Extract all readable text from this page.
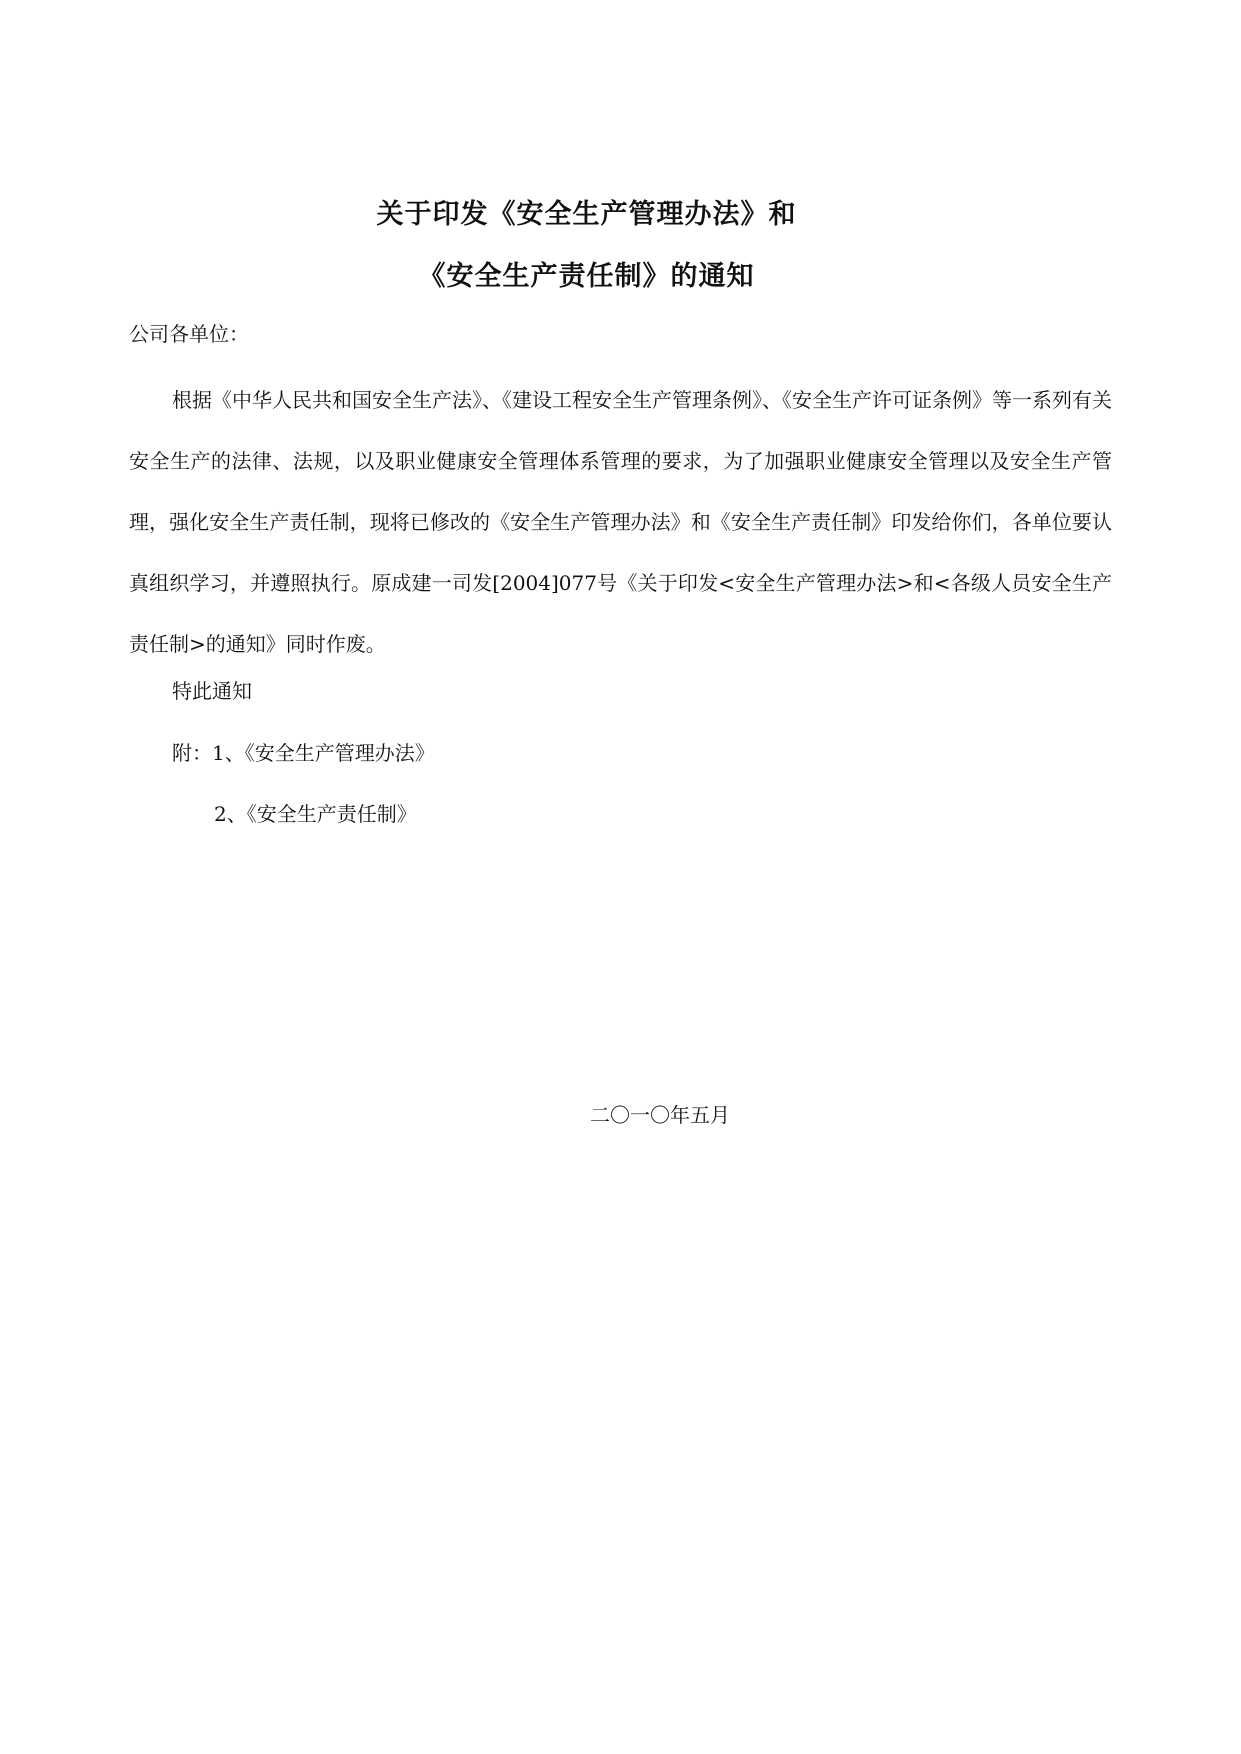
关于印发《安全生产管理办法》和
《安全生产责任制》的通知
公司各单位：

根据《中华人民共和国安全生产法》、《建设工程安全生产管理条例》、《安全生产许可证条例》等一系列有关安全生产的法律、法规，以及职业健康安全管理体系管理的要求，为了加强职业健康安全管理以及安全生产管理，强化安全生产责任制，现将已修改的《安全生产管理办法》和《安全生产责任制》印发给你们，各单位要认真组织学习，并遵照执行。原成建一司发[2004]077号《关于印发<安全生产管理办法>和<各级人员安全生产责任制>的通知》同时作废。

特此通知
附：1、《安全生产管理办法》
2、《安全生产责任制》
二〇一〇年五月
